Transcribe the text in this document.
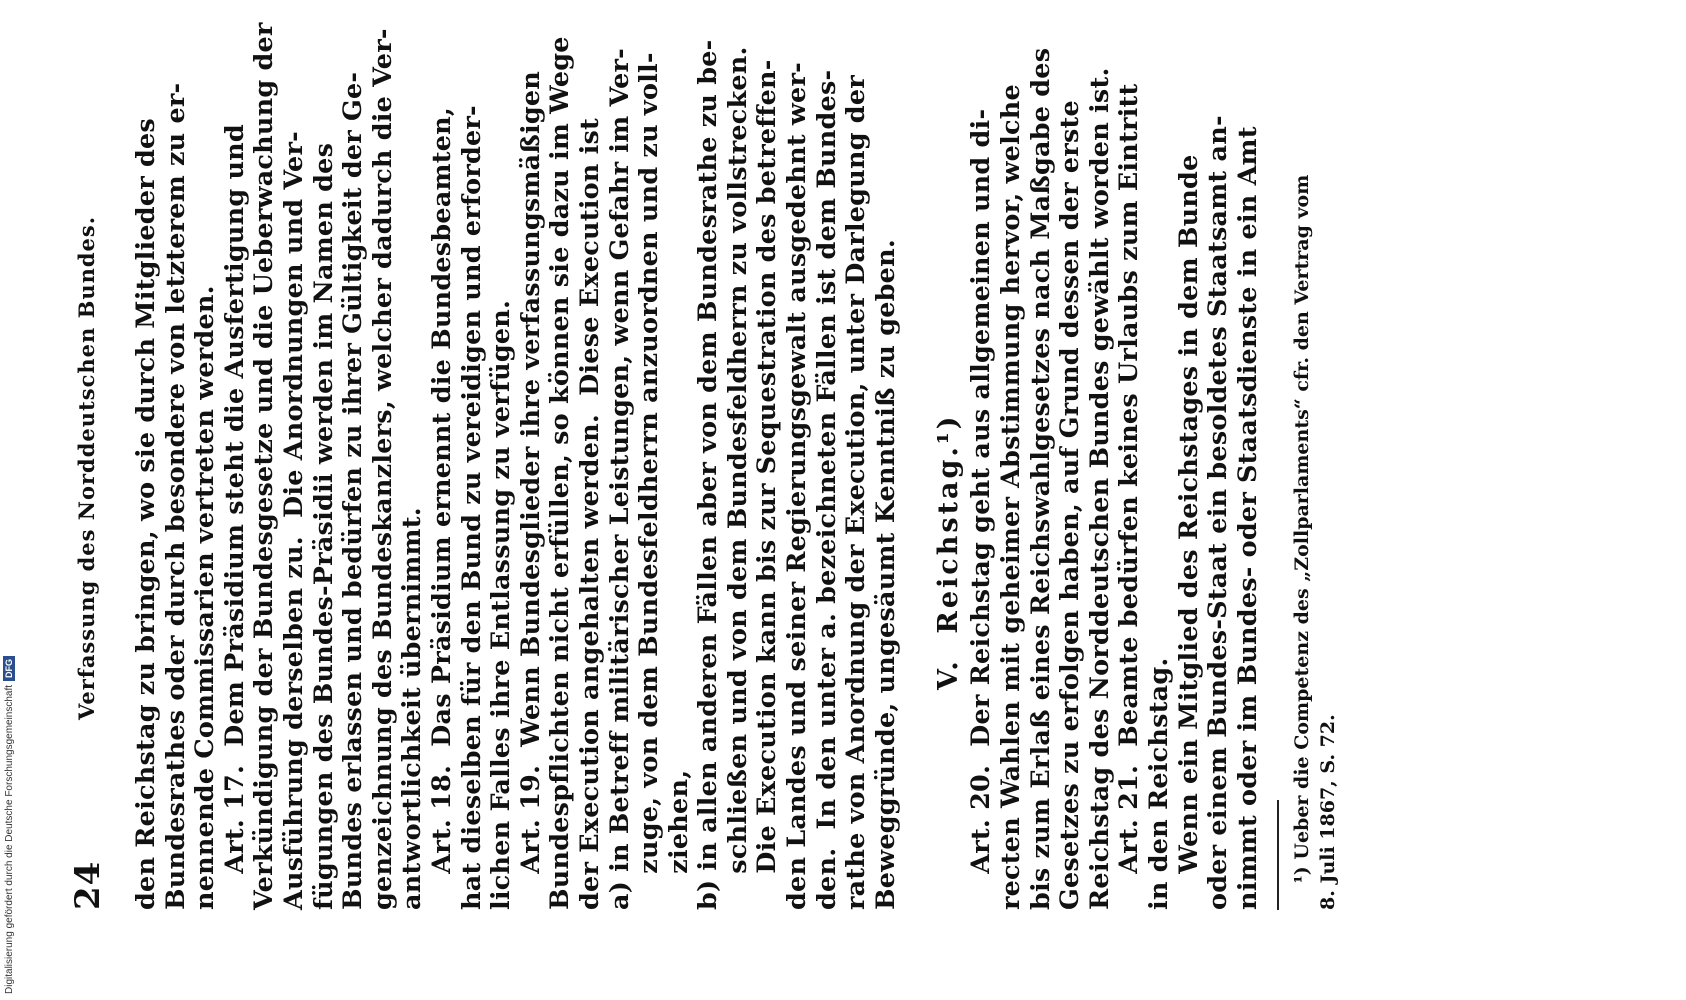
24
Verfassung des Norddeutschen Bundes. den Reichstag zu bringen, wo sie durch Mitglieder des Bundesrathes oder durch besondere von letzterem zu er- nennende Commissarien vertreten werden. Art. 17.  Dem Präsidium steht die Ausfertigung und Verkündigung der Bundesgesetze und die Ueberwachung der Ausführung derselben zu.  Die Anordnungen und Ver- fügungen des Bundes-Präsidii werden im Namen des Bundes erlassen und bedürfen zu ihrer Gültigkeit der Ge- genzeichnung des Bundeskanzlers, welcher dadurch die Ver- antwortlichkeit übernimmt. Art. 18.  Das Präsidium ernennt die Bundesbeamten, hat dieselben für den Bund zu vereidigen und erforder- lichen Falles ihre Entlassung zu verfügen. Art. 19.  Wenn Bundesglieder ihre verfassungsmäßigen Bundespflichten nicht erfüllen, so können sie dazu im Wege der Execution angehalten werden.  Diese Execution ist a) in Betreff militärischer Leistungen, wenn Gefahr im Ver- zuge, von dem Bundesfeldherrn anzuordnen und zu voll- ziehen, b) in allen anderen Fällen aber von dem Bundesrathe zu be- schließen und von dem Bundesfeldherrn zu vollstrecken. Die Execution kann bis zur Sequestration des betreffen- den Landes und seiner Regierungsgewalt ausgedehnt wer- den.  In den unter a. bezeichneten Fällen ist dem Bundes- rathe von Anordnung der Execution, unter Darlegung der Beweggründe, ungesäumt Kenntniß zu geben. V.  Reichstag.¹) Art. 20.  Der Reichstag geht aus allgemeinen und di- recten Wahlen mit geheimer Abstimmung hervor, welche bis zum Erlaß eines Reichswahlgesetzes nach Maßgabe des Gesetzes zu erfolgen haben, auf Grund dessen der erste Reichstag des Norddeutschen Bundes gewählt worden ist. Art. 21.  Beamte bedürfen keines Urlaubs zum Eintritt in den Reichstag. Wenn ein Mitglied des Reichstages in dem Bunde oder einem Bundes-Staat ein besoldetes Staatsamt an- nimmt oder im Bundes- oder Staatsdienste in ein Amt ¹) Ueber die Competenz des „Zollparlaments“ cfr. den Vertrag vom 8. Juli 1867, S. 72.
Digitalisierung gefördert durch die Deutsche Forschungsgemeinschaft
DFG
